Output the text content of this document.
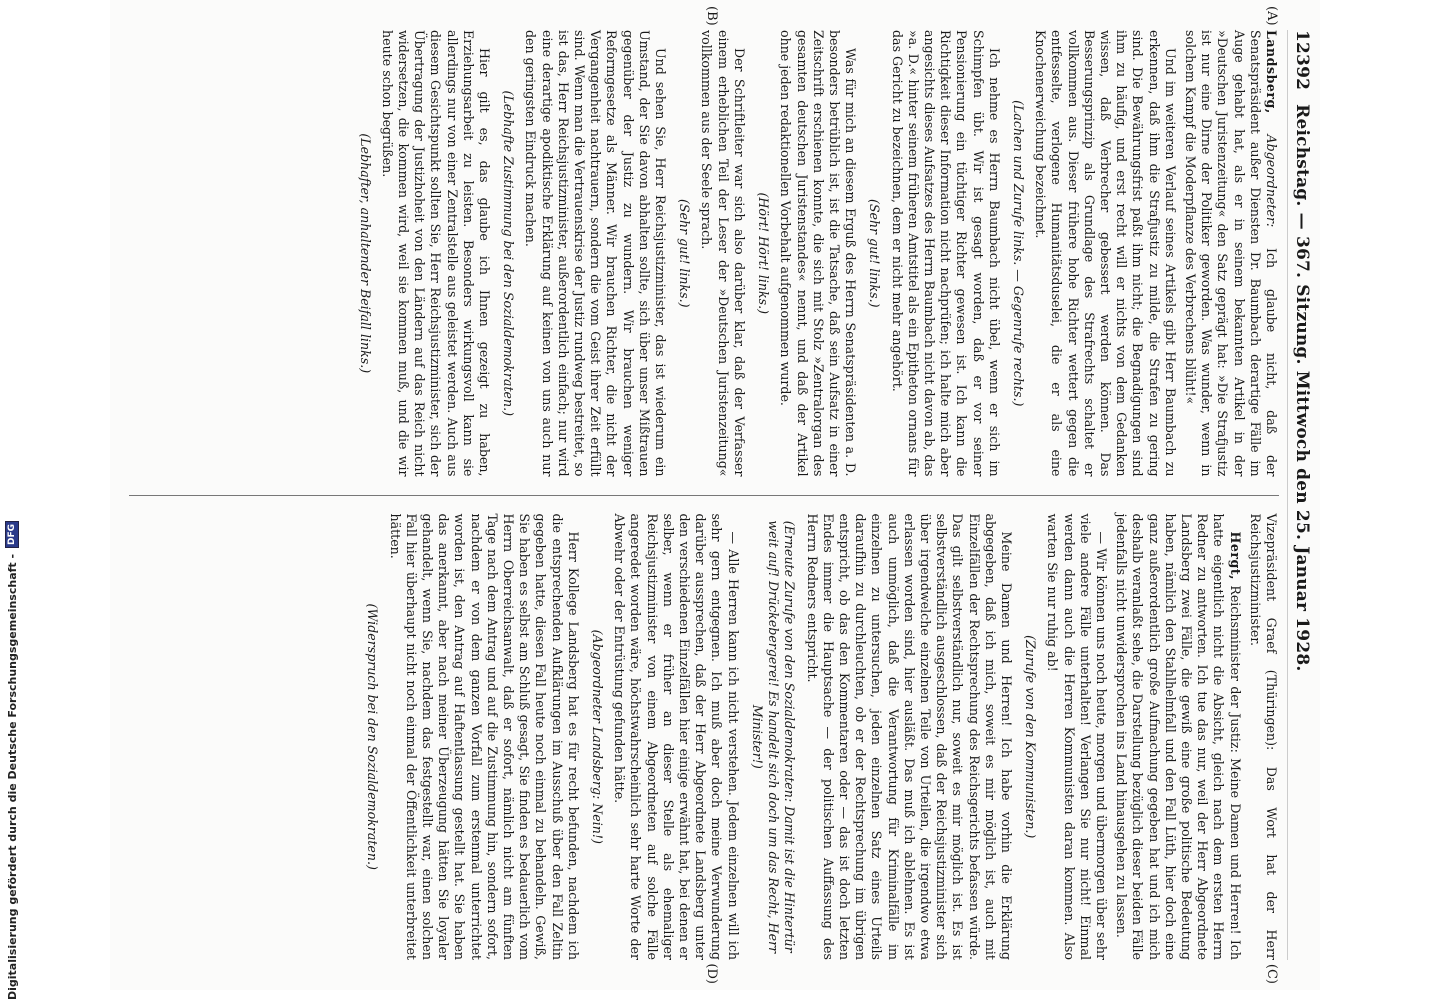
12392
Reichstag. — 367. Sitzung. Mittwoch den 25. Januar 1928.
(A)
(B)

Landsberg, Abgeordneter: Ich glaube nicht, daß der Senatspräsident außer Diensten Dr. Baumbach derartige Fälle im Auge gehabt hat, als er in seinem bekannten Artikel in der »Deutschen Juristenzeitung« den Satz geprägt hat: »Die Strafjustiz ist nur eine Dirne der Politiker geworden. Was wunder, wenn in solchem Kampf die Moderpflanze des Verbrechens blüht!«

Und im weiteren Verlauf seines Artikels gibt Herr Baumbach zu erkennen, daß ihm die Strafjustiz zu milde, die Strafen zu gering sind. Die Bewährungsfrist paßt ihm nicht; die Begnadigungen sind ihm zu häufig, und erst recht will er nichts von dem Gedanken wissen, daß Verbrecher gebessert werden können. Das Besserungsprinzip als Grundlage des Strafrechts schaltet er vollkommen aus. Dieser frühere hohe Richter wettert gegen die entfesselte, verlogene Humanitätsduselei, die er als eine Knochenerweichung bezeichnet.

(Lachen und Zurufe links. — Gegenrufe rechts.)

Ich nehme es Herrn Baumbach nicht übel, wenn er sich im Schimpfen übt. Wir ist gesagt worden, daß er vor seiner Pensionierung ein tüchtiger Richter gewesen ist. Ich kann die Richtigkeit dieser Information nicht nachprüfen; ich halte mich aber angesichts dieses Aufsatzes des Herrn Baumbach nicht davon ab, das »a. D.« hinter seinem früheren Amtstitel als ein Epitheton ornans für das Gericht zu bezeichnen, dem er nicht mehr angehört.

(Sehr gut! links.)

Was für mich an diesem Erguß des Herrn Senatspräsidenten a. D. besonders betrüblich ist, ist die Tatsache, daß sein Aufsatz in einer Zeitschrift erschienen konnte, die sich mit Stolz »Zentralorgan des gesamten deutschen Juristenstandes« nennt, und daß der Artikel ohne jeden redaktionellen Vorbehalt aufgenommen wurde.

(Hört! Hört! links.)

Der Schriftleiter war sich also darüber klar, daß der Verfasser einem erheblichen Teil der Leser der »Deutschen Juristenzeitung« vollkommen aus der Seele sprach.

(Sehr gut! links.)

Und sehen Sie, Herr Reichsjustizminister, das ist wiederum ein Umstand, der Sie davon abhalten sollte, sich über unser Mißtrauen gegenüber der Justiz zu wundern. Wir brauchen weniger Reformgesetze als Männer. Wir brauchen Richter, die nicht der Vergangenheit nachtrauern, sondern die vom Geist ihrer Zeit erfüllt sind. Wenn man die Vertrauenskrise der Justiz rundweg bestreitet, so ist das, Herr Reichsjustizminister, außerordentlich einfach; nur wird eine derartige apodiktische Erklärung auf keinen von uns auch nur den geringsten Eindruck machen.

(Lebhafte Zustimmung bei den Sozialdemokraten.)

Hier gilt es, das glaube ich Ihnen gezeigt zu haben, Erziehungsarbeit zu leisten. Besonders wirkungsvoll kann sie allerdings nur von einer Zentralstelle aus geleistet werden. Auch aus diesem Gesichtspunkt sollten Sie, Herr Reichsjustizminister, sich der Übertragung der Justizhoheit von den Ländern auf das Reich nicht widersetzen, die kommen wird, weil sie kommen muß, und die wir heute schon begrüßen.

(Lebhafter, anhaltender Beifall links.)

(C)
(D)

Vizepräsident Graef (Thüringen): Das Wort hat der Herr Reichsjustizminister.

Hergt, Reichsminister der Justiz: Meine Damen und Herren! Ich hatte eigentlich nicht die Absicht, gleich nach dem ersten Herrn Redner zu antworten. Ich tue das nur, weil der Herr Abgeordnete Landsberg zwei Fälle, die gewiß eine große politische Bedeutung haben, nämlich den Stahlhelmfall und den Fall Lüth, hier doch eine ganz außerordentlich große Aufmachung gegeben hat und ich mich deshalb veranlaßt sehe, die Darstellung bezüglich dieser beiden Fälle jedenfalls nicht unwidersprochen ins Land hinausgehen zu lassen.

— Wir können uns noch heute, morgen und übermorgen über sehr viele andere Fälle unterhalten! Verlangen Sie nur nicht! Einmal werden dann auch die Herren Kommunisten daran kommen. Also warten Sie nur ruhig ab!

(Zurufe von den Kommunisten.)

Meine Damen und Herren! Ich habe vorhin die Erklärung abgegeben, daß ich mich, soweit es mir möglich ist, auch mit Einzelfällen der Rechtsprechung des Reichsgerichts befassen würde. Das gilt selbstverständlich nur, soweit es mir möglich ist. Es ist selbstverständlich ausgeschlossen, daß der Reichsjustizminister sich über irgendwelche einzelnen Teile von Urteilen, die irgendwo etwa erlassen worden sind, hier ausläßt. Das muß ich ablehnen. Es ist auch unmöglich, daß die Verantwortung für Kriminalfälle im einzelnen zu untersuchen, jeden einzelnen Satz eines Urteils daraufhin zu durchleuchten, ob er der Rechtsprechung im übrigen entspricht, ob das den Kommentaren oder — das ist doch letzten Endes immer die Hauptsache — der politischen Auffassung des Herrn Redners entspricht.

(Erneute Zurufe von den Sozialdemokraten: Damit ist die Hintertür weit auf! Drückebergerei! Es handelt sich doch um das Recht, Herr Minister!)

— Alle Herren kann ich nicht verstehen. Jedem einzelnen will ich sehr gern entgegnen. Ich muß aber doch meine Verwunderung darüber aussprechen, daß der Herr Abgeordnete Landsberg unter den verschiedenen Einzelfällen hier einige erwähnt hat, bei denen er selber, wenn er früher an dieser Stelle als ehemaliger Reichsjustizminister von einem Abgeordneten auf solche Fälle angeredet worden wäre, höchstwahrscheinlich sehr harte Worte der Abwehr oder der Entrüstung gefunden hätte.

(Abgeordneter Landsberg: Nein!)

Herr Kollege Landsberg hat es für recht befunden, nachdem ich die entsprechenden Aufklärungen im Ausschuß über den Fall Zeltin gegeben hatte, diesen Fall heute noch einmal zu behandeln. Gewiß, Sie haben es selbst am Schluß gesagt, Sie finden es bedauerlich vom Herrn Oberreichsanwalt, daß er sofort, nämlich nicht am fünften Tage nach dem Antrag und auf die Zustimmung hin, sondern sofort, nachdem er von dem ganzen Vorfall zum erstenmal unterrichtet worden ist, den Antrag auf Haftentlassung gestellt hat. Sie haben das anerkannt, aber nach meiner Überzeugung hätten Sie loyaler gehandelt, wenn Sie, nachdem das festgestellt war, einen solchen Fall hier überhaupt nicht noch einmal der Öffentlichkeit unterbreitet hätten.

(Widerspruch bei den Sozialdemokraten.)

Digitalisierung gefördert durch die Deutsche Forschungsgemeinschaft -
DFG
